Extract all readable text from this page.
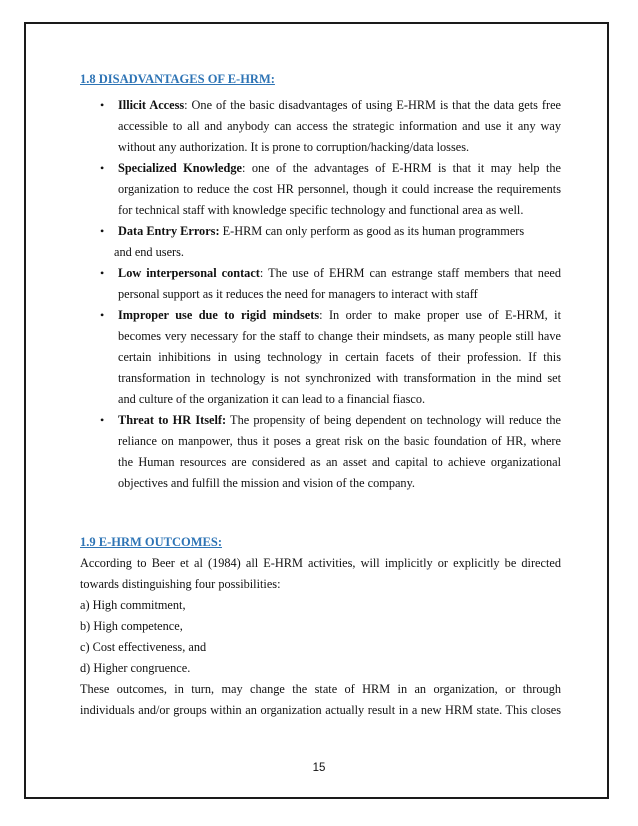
1.8 DISADVANTAGES OF E-HRM:
• Illicit Access: One of the basic disadvantages of using E-HRM is that the data gets free
accessible to all and anybody can access the strategic information and use it any way
without any authorization. It is prone to corruption/hacking/data losses.
• Specialized Knowledge: one of the advantages of E-HRM is that it may help the
organization to reduce the cost HR personnel, though it could increase the requirements
for technical staff with knowledge specific technology and functional area as well.
• Data Entry Errors: E-HRM can only perform as good as its human programmers
and end users.
• Low interpersonal contact: The use of EHRM can estrange staff members that need
personal support as it reduces the need for managers to interact with staff
• Improper use due to rigid mindsets: In order to make proper use of E-HRM, it
becomes very necessary for the staff to change their mindsets, as many people still have
certain inhibitions in using technology in certain facets of their profession. If this
transformation in technology is not synchronized with transformation in the mind set
and culture of the organization it can lead to a financial fiasco.
• Threat to HR Itself: The propensity of being dependent on technology will reduce the
reliance on manpower, thus it poses a great risk on the basic foundation of HR, where
the Human resources are considered as an asset and capital to achieve organizational
objectives and fulfill the mission and vision of the company.
1.9 E-HRM OUTCOMES:
According to Beer et al (1984) all E-HRM activities, will implicitly or explicitly be directed
towards distinguishing four possibilities:
a) High commitment,
b) High competence,
c) Cost effectiveness, and
d) Higher congruence.
These outcomes, in turn, may change the state of HRM in an organization, or through
individuals and/or groups within an organization actually result in a new HRM state. This closes
15
